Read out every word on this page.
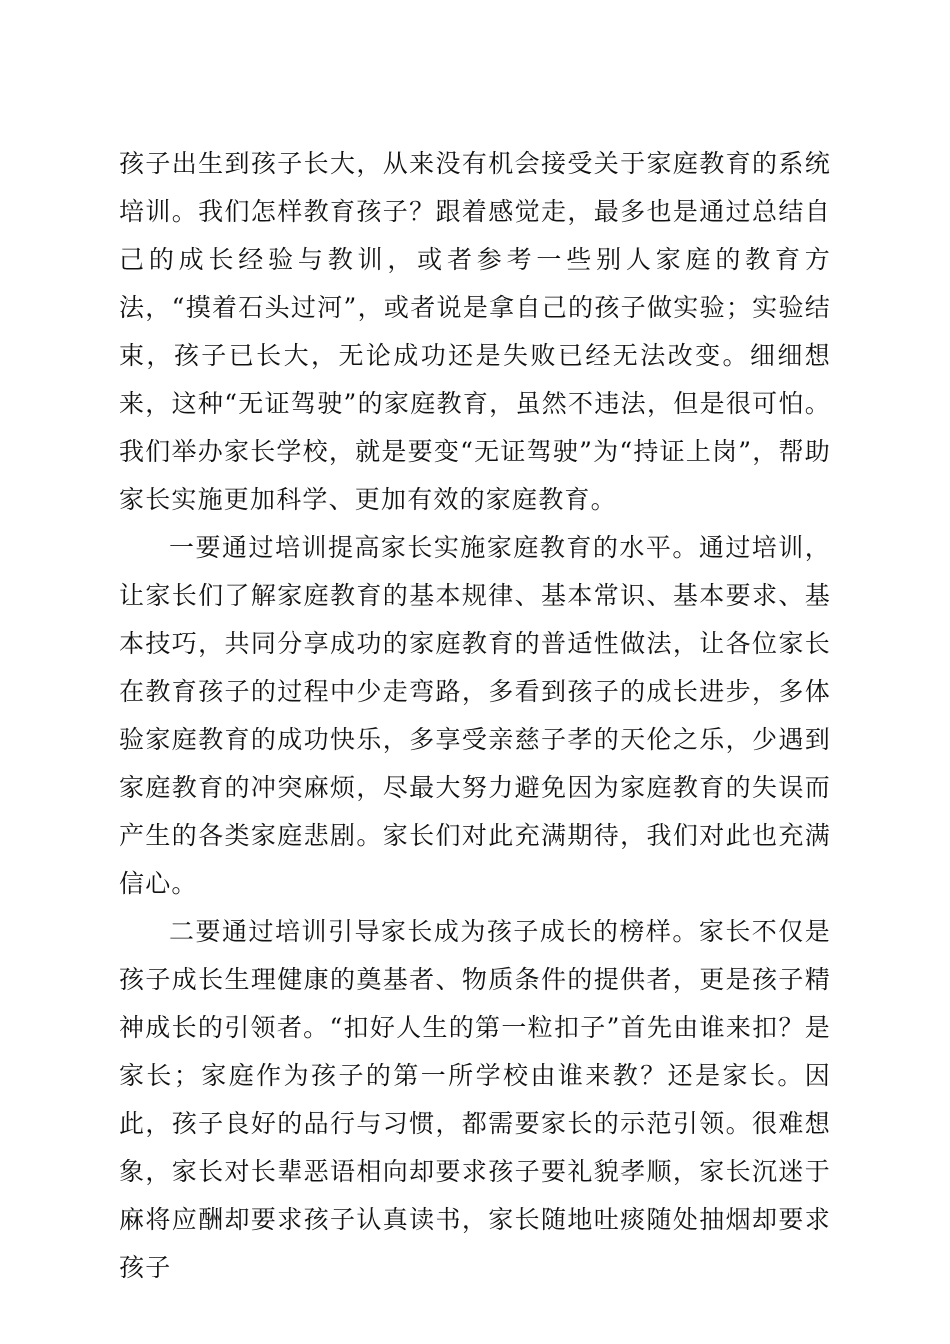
孩子出生到孩子长大，从来没有机会接受关于家庭教育的系统培训。我们怎样教育孩子？跟着感觉走，最多也是通过总结自己的成长经验与教训，或者参考一些别人家庭的教育方法，“摸着石头过河”，或者说是拿自己的孩子做实验；实验结束，孩子已长大，无论成功还是失败已经无法改变。细细想来，这种“无证驾驶”的家庭教育，虽然不违法，但是很可怕。我们举办家长学校，就是要变“无证驾驶”为“持证上岗”，帮助家长实施更加科学、更加有效的家庭教育。

一要通过培训提高家长实施家庭教育的水平。通过培训，让家长们了解家庭教育的基本规律、基本常识、基本要求、基本技巧，共同分享成功的家庭教育的普适性做法，让各位家长在教育孩子的过程中少走弯路，多看到孩子的成长进步，多体验家庭教育的成功快乐，多享受亲慈子孝的天伦之乐，少遇到家庭教育的冲突麻烦，尽最大努力避免因为家庭教育的失误而产生的各类家庭悲剧。家长们对此充满期待，我们对此也充满信心。

二要通过培训引导家长成为孩子成长的榜样。家长不仅是孩子成长生理健康的奠基者、物质条件的提供者，更是孩子精神成长的引领者。“扣好人生的第一粒扣子”首先由谁来扣？是家长；家庭作为孩子的第一所学校由谁来教？还是家长。因此，孩子良好的品行与习惯，都需要家长的示范引领。很难想象，家长对长辈恶语相向却要求孩子要礼貌孝顺，家长沉迷于麻将应酬却要求孩子认真读书，家长随地吐痰随处抽烟却要求孩子
